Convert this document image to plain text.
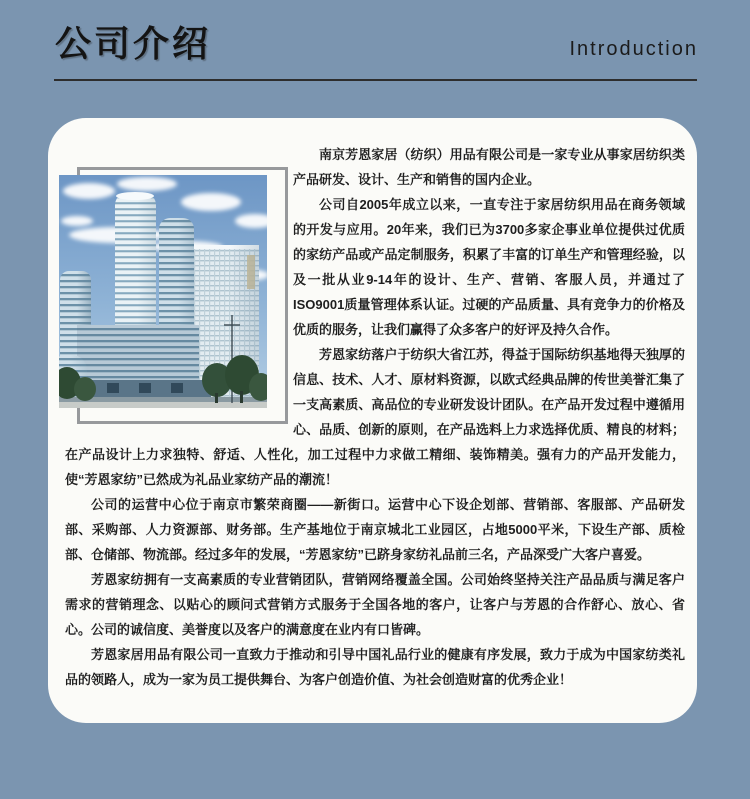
公司介绍	Introduction

南京芳恩家居（纺织）用品有限公司是一家专业从事家居纺织类产品研发、设计、生产和销售的国内企业。

公司自2005年成立以来，一直专注于家居纺织用品在商务领域的开发与应用。20年来，我们已为3700多家企事业单位提供过优质的家纺产品或产品定制服务，积累了丰富的订单生产和管理经验，以及一批从业9-14年的设计、生产、营销、客服人员，并通过了ISO9001质量管理体系认证。过硬的产品质量、具有竞争力的价格及优质的服务，让我们赢得了众多客户的好评及持久合作。

芳恩家纺落户于纺织大省江苏，得益于国际纺织基地得天独厚的信息、技术、人才、原材料资源，以欧式经典品牌的传世美誉汇集了一支高素质、高品位的专业研发设计团队。在产品开发过程中遵循用心、品质、创新的原则，在产品选料上力求选择优质、精良的材料；在产品设计上力求独特、舒适、人性化，加工过程中力求做工精细、装饰精美。强有力的产品开发能力，使“芳恩家纺”已然成为礼品业家纺产品的潮流！

公司的运营中心位于南京市繁荣商圈——新街口。运营中心下设企划部、营销部、客服部、产品研发部、采购部、人力资源部、财务部。生产基地位于南京城北工业园区，占地5000平米，下设生产部、质检部、仓储部、物流部。经过多年的发展，“芳恩家纺”已跻身家纺礼品前三名，产品深受广大客户喜爱。

芳恩家纺拥有一支高素质的专业营销团队，营销网络覆盖全国。公司始终坚持关注产品品质与满足客户需求的营销理念、以贴心的顾问式营销方式服务于全国各地的客户，让客户与芳恩的合作舒心、放心、省心。公司的诚信度、美誉度以及客户的满意度在业内有口皆碑。

芳恩家居用品有限公司一直致力于推动和引导中国礼品行业的健康有序发展，致力于成为中国家纺类礼品的领路人，成为一家为员工提供舞台、为客户创造价值、为社会创造财富的优秀企业！
